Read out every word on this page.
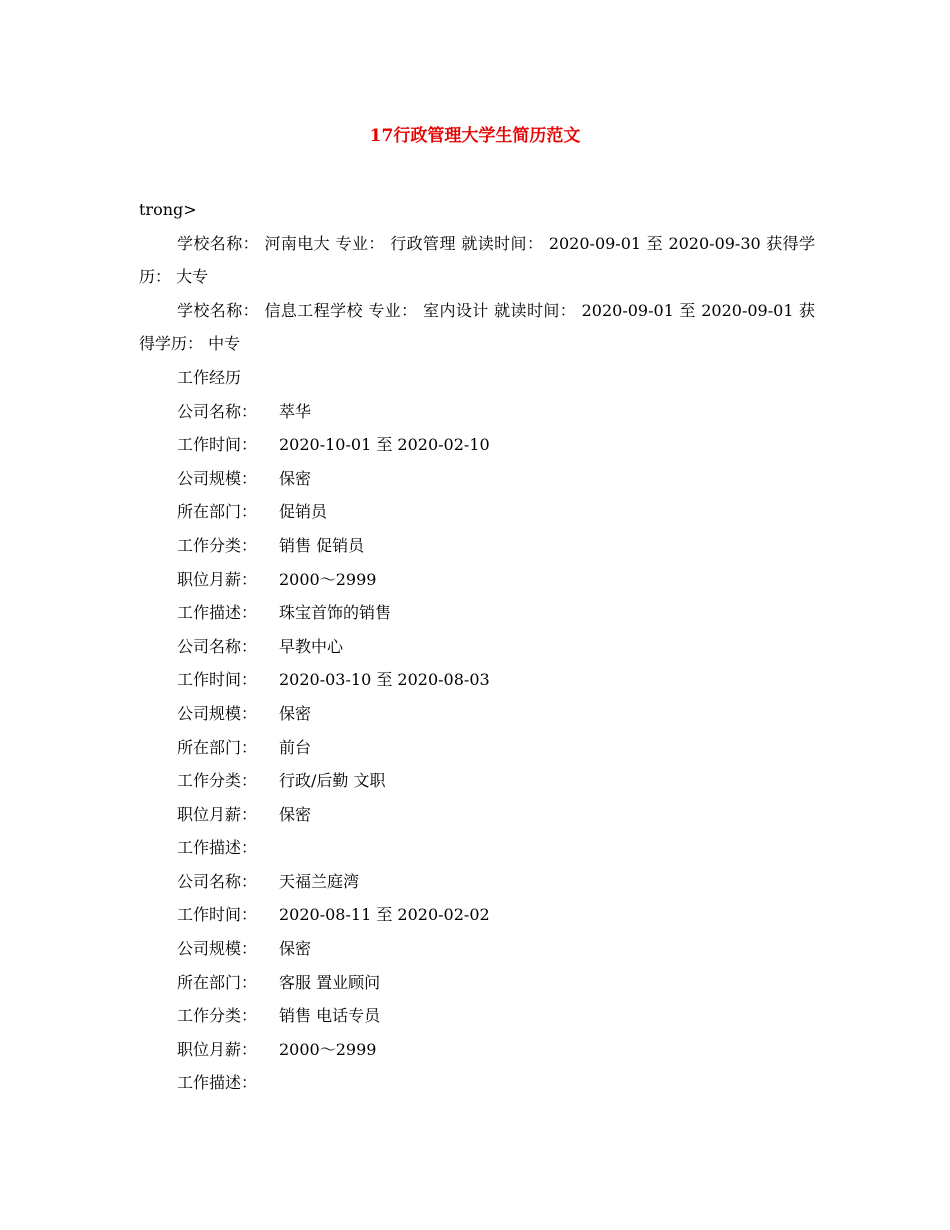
17行政管理大学生简历范文
trong>
学校名称： 河南电大 专业： 行政管理 就读时间： 2020-09-01 至 2020-09-30 获得学历： 大专
学校名称： 信息工程学校 专业： 室内设计 就读时间： 2020-09-01 至 2020-09-01 获得学历： 中专
工作经历
公司名称： 萃华
工作时间： 2020-10-01 至 2020-02-10
公司规模： 保密
所在部门： 促销员
工作分类： 销售 促销员
职位月薪： 2000～2999
工作描述： 珠宝首饰的销售
公司名称： 早教中心
工作时间： 2020-03-10 至 2020-08-03
公司规模： 保密
所在部门： 前台
工作分类： 行政/后勤 文职
职位月薪： 保密
工作描述：
公司名称： 天福兰庭湾
工作时间： 2020-08-11 至 2020-02-02
公司规模： 保密
所在部门： 客服 置业顾问
工作分类： 销售 电话专员
职位月薪： 2000～2999
工作描述：
